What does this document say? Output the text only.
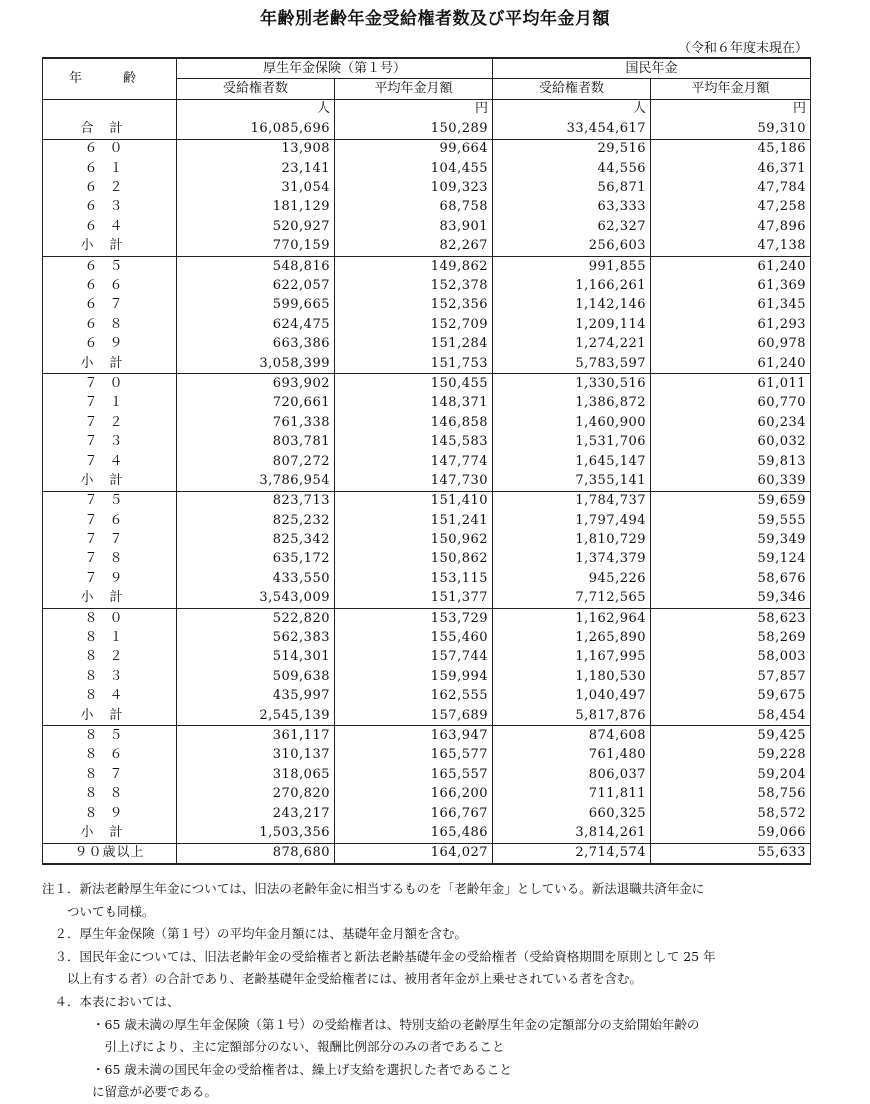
年齢別老齢年金受給権者数及び平均年金月額
（令和６年度末現在）
年　齢	厚生年金保険（第１号）		国民年金	
	受給権者数	平均年金月額	受給権者数	平均年金月額
	人	円	人	円
合計	16,085,696	150,289	33,454,617	59,310
６０	13,908	99,664	29,516	45,186
６１	23,141	104,455	44,556	46,371
６２	31,054	109,323	56,871	47,784
６３	181,129	68,758	63,333	47,258
６４	520,927	83,901	62,327	47,896
小計	770,159	82,267	256,603	47,138
６５	548,816	149,862	991,855	61,240
６６	622,057	152,378	1,166,261	61,369
６７	599,665	152,356	1,142,146	61,345
６８	624,475	152,709	1,209,114	61,293
６９	663,386	151,284	1,274,221	60,978
小計	3,058,399	151,753	5,783,597	61,240
７０	693,902	150,455	1,330,516	61,011
７１	720,661	148,371	1,386,872	60,770
７２	761,338	146,858	1,460,900	60,234
７３	803,781	145,583	1,531,706	60,032
７４	807,272	147,774	1,645,147	59,813
小計	3,786,954	147,730	7,355,141	60,339
７５	823,713	151,410	1,784,737	59,659
７６	825,232	151,241	1,797,494	59,555
７７	825,342	150,962	1,810,729	59,349
７８	635,172	150,862	1,374,379	59,124
７９	433,550	153,115	945,226	58,676
小計	3,543,009	151,377	7,712,565	59,346
８０	522,820	153,729	1,162,964	58,623
８１	562,383	155,460	1,265,890	58,269
８２	514,301	157,744	1,167,995	58,003
８３	509,638	159,994	1,180,530	57,857
８４	435,997	162,555	1,040,497	59,675
小計	2,545,139	157,689	5,817,876	58,454
８５	361,117	163,947	874,608	59,425
８６	310,137	165,577	761,480	59,228
８７	318,065	165,557	806,037	59,204
８８	270,820	166,200	711,811	58,756
８９	243,217	166,767	660,325	58,572
小計	1,503,356	165,486	3,814,261	59,066
９０歳以上	878,680	164,027	2,714,574	55,633
注１．新法老齢厚生年金については、旧法の老齢年金に相当するものを「老齢年金」としている。新法退職共済年金に
　　ついても同様。
　２．厚生年金保険（第１号）の平均年金月額には、基礎年金月額を含む。
　３．国民年金については、旧法老齢年金の受給権者と新法老齢基礎年金の受給権者（受給資格期間を原則として 25 年
　　以上有する者）の合計であり、老齢基礎年金受給権者には、被用者年金が上乗せされている者を含む。
　４．本表においては、
　　　　・65 歳未満の厚生年金保険（第１号）の受給権者は、特別支給の老齢厚生年金の定額部分の支給開始年齢の
　　　　　引上げにより、主に定額部分のない、報酬比例部分のみの者であること
　　　　・65 歳未満の国民年金の受給権者は、繰上げ支給を選択した者であること
　　　　に留意が必要である。
